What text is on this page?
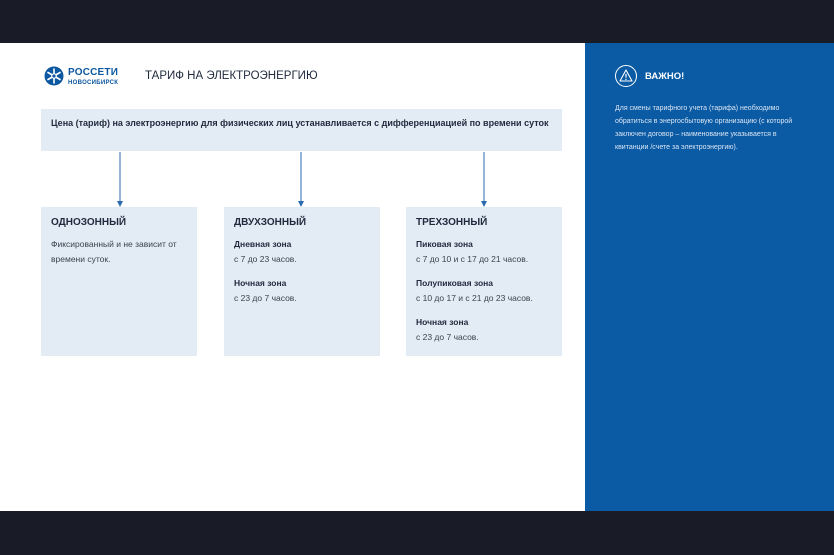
РОССЕТИ
НОВОСИБИРСК
ТАРИФ НА ЭЛЕКТРОЭНЕРГИЮ

Цена (тариф) на электроэнергию для физических лиц устанавливается с дифференциацией по времени суток

ОДНОЗОННЫЙ

Фиксированный и не зависит от времени суток.

ДВУХЗОННЫЙ

Дневная зона

с 7 до 23 часов.

Ночная зона

с 23 до 7 часов.

ТРЕХЗОННЫЙ

Пиковая зона

с 7 до 10 и с 17 до 21 часов.

Полупиковая зона

с 10 до 17 и с 21 до 23 часов.

Ночная зона

с 23 до 7 часов.

ВАЖНО!

Для смены тарифного учета (тарифа) необходимо обратиться в энергосбытовую организацию (с которой заключен договор – наименование указывается в квитанции /счете за электроэнергию).
